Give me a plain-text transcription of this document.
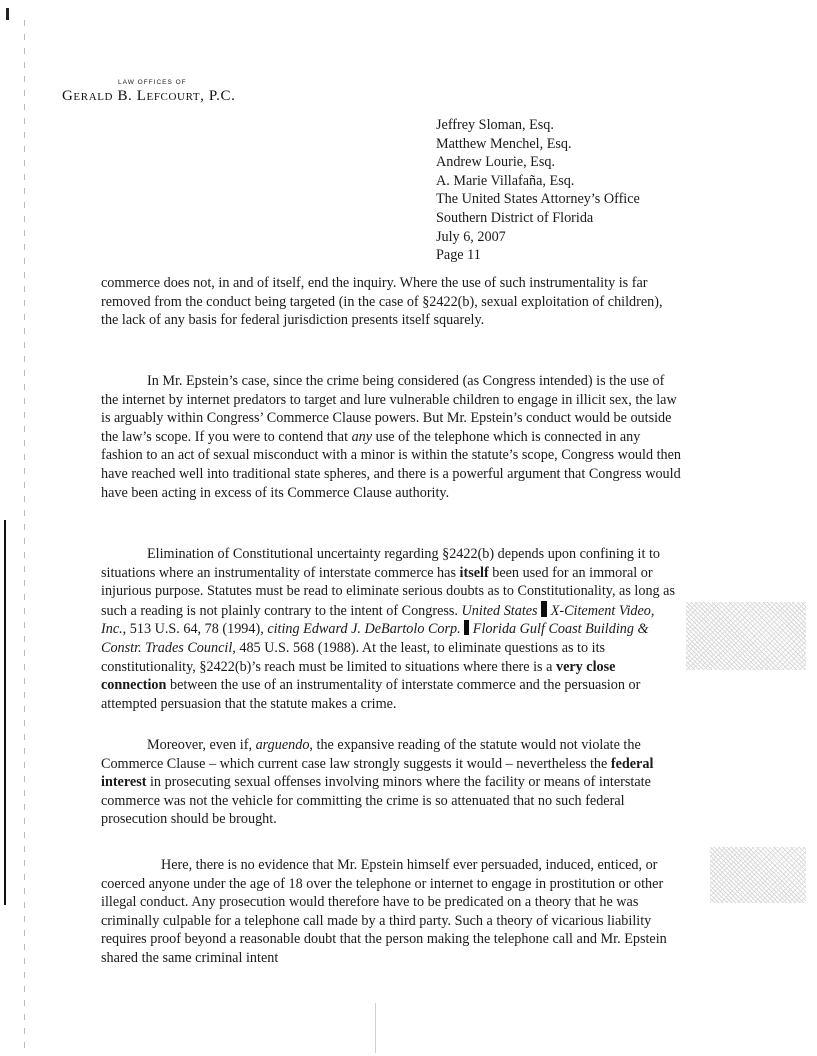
LAW OFFICES OF
Gerald B. Lefcourt, P.C.
Jeffrey Sloman, Esq.
Matthew Menchel, Esq.
Andrew Lourie, Esq.
A. Marie Villafaña, Esq.
The United States Attorney’s Office
Southern District of Florida
July 6, 2007
Page 11

commerce does not, in and of itself, end the inquiry. Where the use of such instrumentality is far removed from the conduct being targeted (in the case of §2422(b), sexual exploitation of children), the lack of any basis for federal jurisdiction presents itself squarely.

In Mr. Epstein’s case, since the crime being considered (as Congress intended) is the use of the internet by internet predators to target and lure vulnerable children to engage in illicit sex, the law is arguably within Congress’ Commerce Clause powers. But Mr. Epstein’s conduct would be outside the law’s scope. If you were to contend that any use of the telephone which is connected in any fashion to an act of sexual misconduct with a minor is within the statute’s scope, Congress would then have reached well into traditional state spheres, and there is a powerful argument that Congress would have been acting in excess of its Commerce Clause authority.

Elimination of Constitutional uncertainty regarding §2422(b) depends upon confining it to situations where an instrumentality of interstate commerce has itself been used for an immoral or injurious purpose. Statutes must be read to eliminate serious doubts as to Constitutionality, as long as such a reading is not plainly contrary to the intent of Congress. United States X-Citement Video, Inc., 513 U.S. 64, 78 (1994), citing Edward J. DeBartolo Corp. Florida Gulf Coast Building & Constr. Trades Council, 485 U.S. 568 (1988). At the least, to eliminate questions as to its constitutionality, §2422(b)’s reach must be limited to situations where there is a very close connection between the use of an instrumentality of interstate commerce and the persuasion or attempted persuasion that the statute makes a crime.

Moreover, even if, arguendo, the expansive reading of the statute would not violate the Commerce Clause – which current case law strongly suggests it would – nevertheless the federal interest in prosecuting sexual offenses involving minors where the facility or means of interstate commerce was not the vehicle for committing the crime is so attenuated that no such federal prosecution should be brought.

Here, there is no evidence that Mr. Epstein himself ever persuaded, induced, enticed, or coerced anyone under the age of 18 over the telephone or internet to engage in prostitution or other illegal conduct. Any prosecution would therefore have to be predicated on a theory that he was criminally culpable for a telephone call made by a third party. Such a theory of vicarious liability requires proof beyond a reasonable doubt that the person making the telephone call and Mr. Epstein shared the same criminal intent
